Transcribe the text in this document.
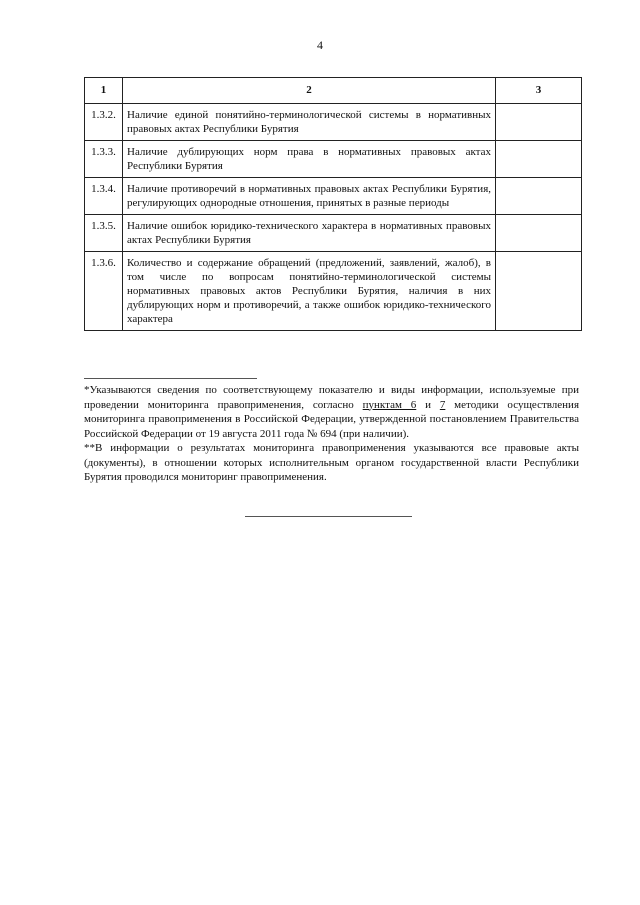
4
1	2	3
1.3.2.	Наличие единой понятийно-терминологической системы в нормативных правовых актах Республики Бурятия	
1.3.3.	Наличие дублирующих норм права в нормативных правовых актах Республики Бурятия	
1.3.4.	Наличие противоречий в нормативных правовых актах Республики Бурятия, регулирующих однородные отношения, принятых в разные периоды	
1.3.5.	Наличие ошибок юридико-технического характера в нормативных правовых актах Республики Бурятия	
1.3.6.	Количество и содержание обращений (предложений, заявлений, жалоб), в том числе по вопросам понятийно-терминологической системы нормативных правовых актов Республики Бурятия, наличия в них дублирующих норм и противоречий, а также ошибок юридико-технического характера	

*Указываются сведения по соответствующему показателю и виды информации, используемые при проведении мониторинга правоприменения, согласно пунктам 6 и 7 методики осуществления мониторинга правоприменения в Российской Федерации, утвержденной постановлением Правительства Российской Федерации от 19 августа 2011 года № 694 (при наличии).

**В информации о результатах мониторинга правоприменения указываются все правовые акты (документы), в отношении которых исполнительным органом государственной власти Республики Бурятия проводился мониторинг правоприменения.
